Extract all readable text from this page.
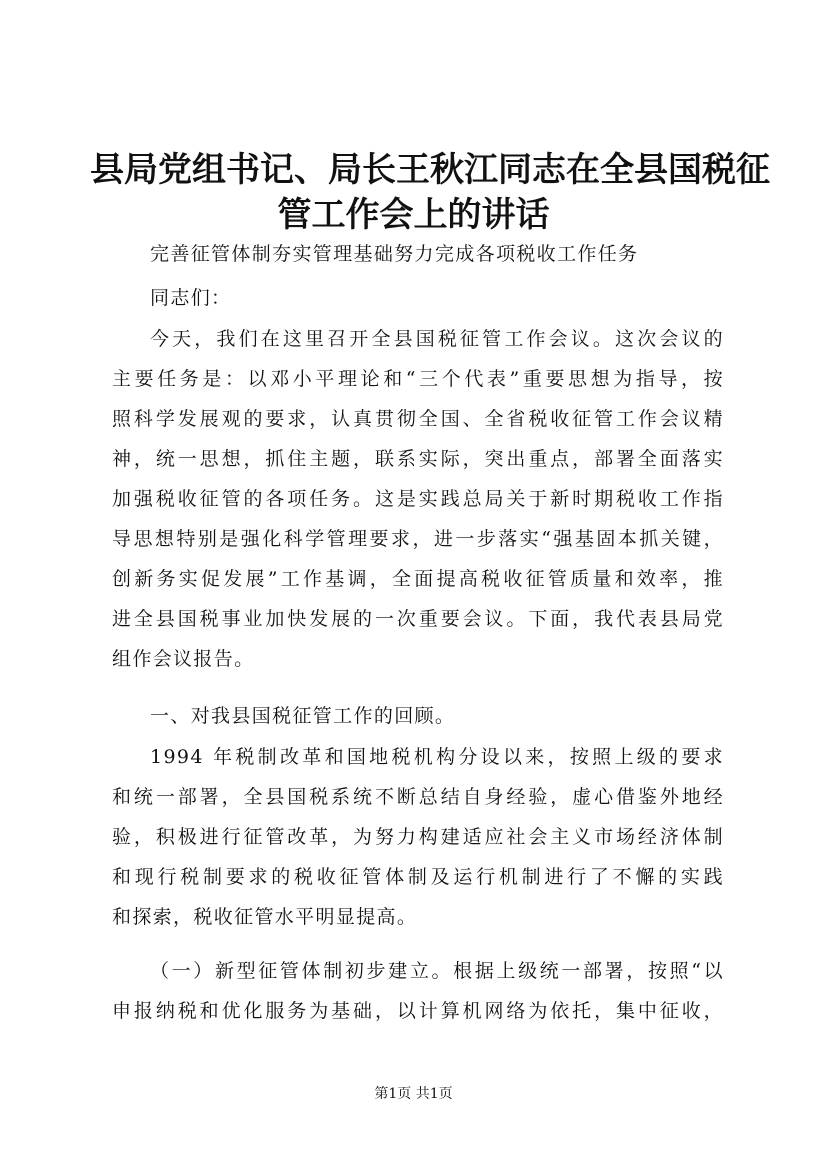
县局党组书记、局长王秋江同志在全县国税征
管工作会上的讲话

完善征管体制夯实管理基础努力完成各项税收工作任务

同志们：

今天，我们在这里召开全县国税征管工作会议。这次会议的

主要任务是：以邓小平理论和“三个代表”重要思想为指导，按

照科学发展观的要求，认真贯彻全国、全省税收征管工作会议精

神，统一思想，抓住主题，联系实际，突出重点，部署全面落实

加强税收征管的各项任务。这是实践总局关于新时期税收工作指

导思想特别是强化科学管理要求，进一步落实“强基固本抓关键，

创新务实促发展”工作基调，全面提高税收征管质量和效率，推

进全县国税事业加快发展的一次重要会议。下面，我代表县局党

组作会议报告。

一、对我县国税征管工作的回顾。

1994 年税制改革和国地税机构分设以来，按照上级的要求

和统一部署，全县国税系统不断总结自身经验，虚心借鉴外地经

验，积极进行征管改革，为努力构建适应社会主义市场经济体制

和现行税制要求的税收征管体制及运行机制进行了不懈的实践

和探索，税收征管水平明显提高。

（一）新型征管体制初步建立。根据上级统一部署，按照“以

申报纳税和优化服务为基础，以计算机网络为依托，集中征收，

第1页 共1页
